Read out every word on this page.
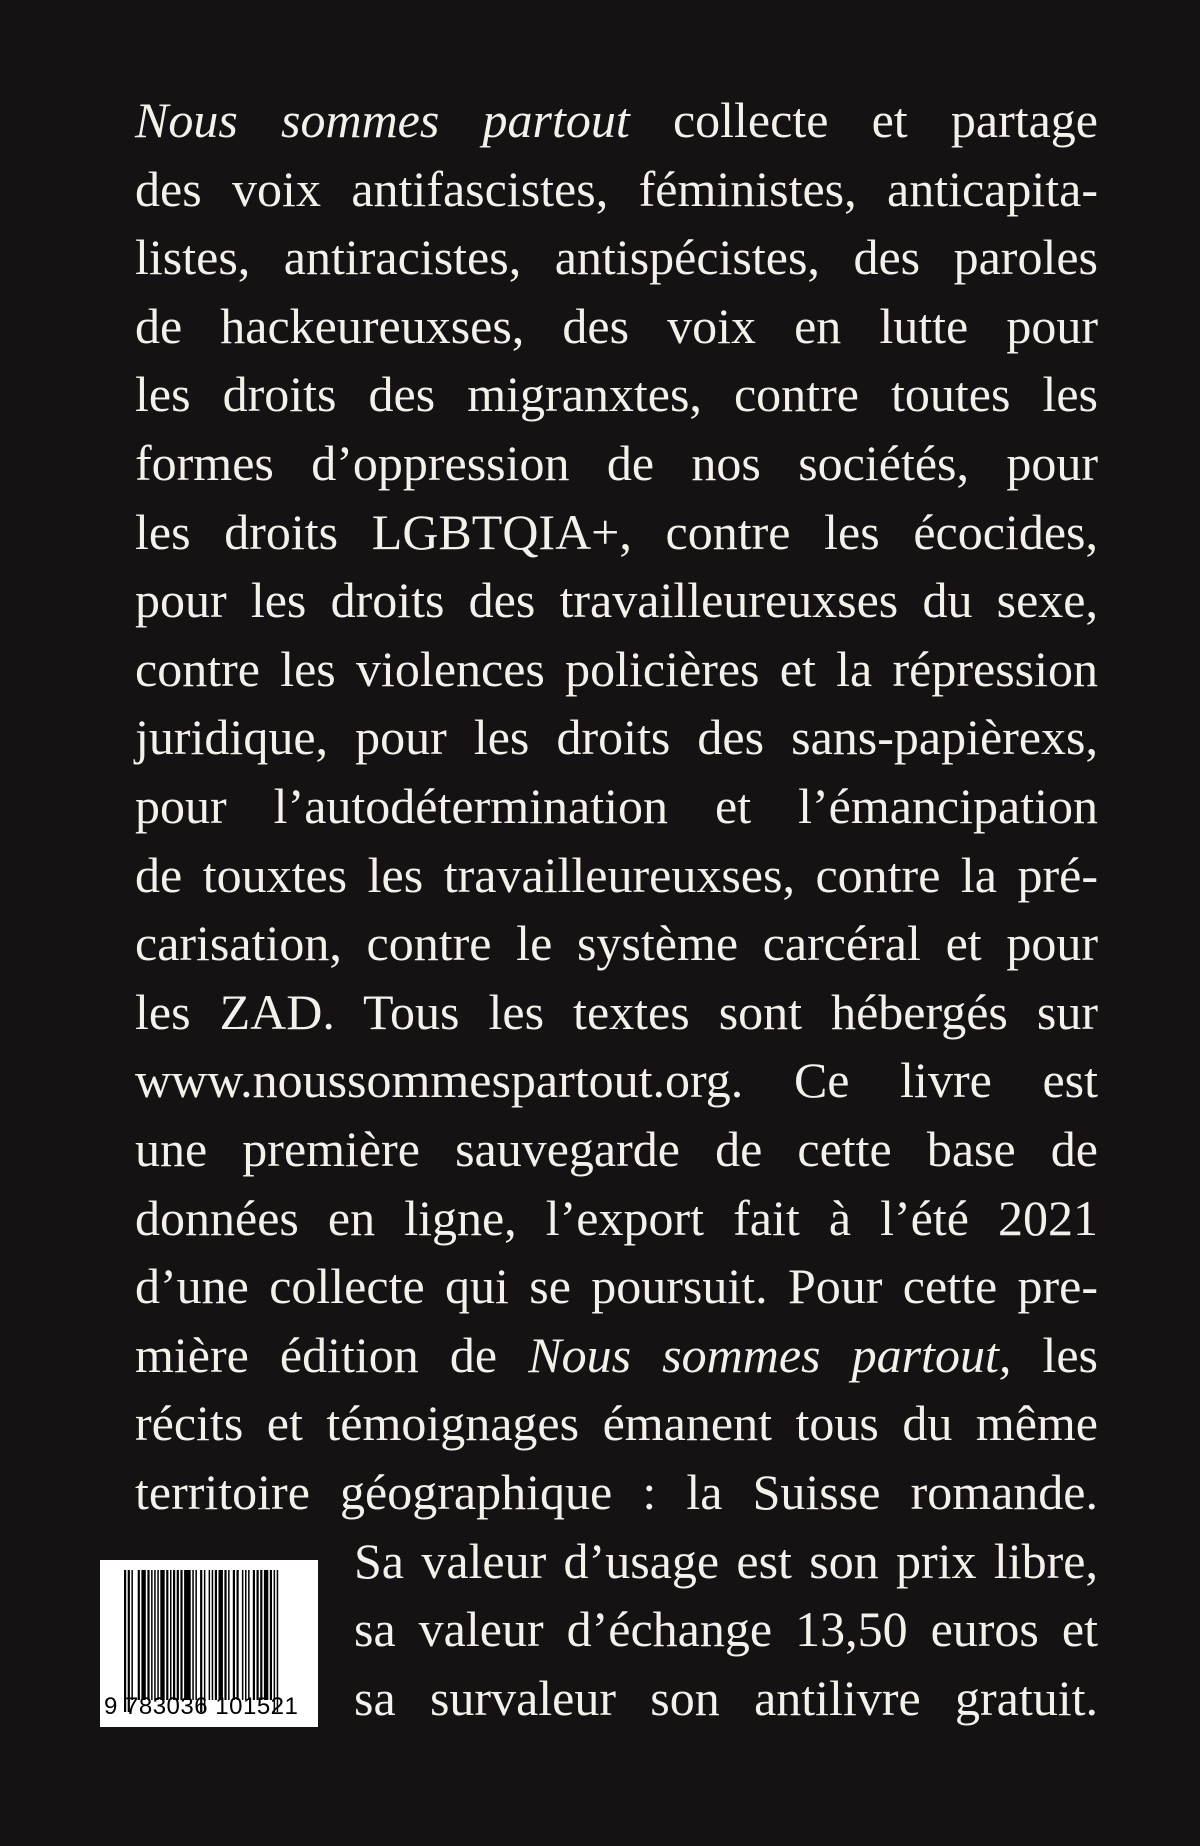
Nous sommes partout collecte et partage
des voix antifascistes, féministes, anticapita-
listes, antiracistes, antispécistes, des paroles
de hackeureuxses, des voix en lutte pour
les droits des migranxtes, contre toutes les
formes d’oppression de nos sociétés, pour
les droits LGBTQIA+, contre les écocides,
pour les droits des travailleureuxses du sexe,
contre les violences policières et la répression
juridique, pour les droits des sans-papièrexs,
pour l’autodétermination et l’émancipation
de touxtes les travailleureuxses, contre la pré-
carisation, contre le système carcéral et pour
les ZAD. Tous les textes sont hébergés sur
www.noussommespartout.org. Ce livre est
une première sauvegarde de cette base de
données en ligne, l’export fait à l’été 2021
d’une collecte qui se poursuit. Pour cette pre-
mière édition de Nous sommes partout, les
récits et témoignages émanent tous du même
territoire géographique : la Suisse romande.
Sa valeur d’usage est son prix libre,
sa valeur d’échange 13,50 euros et
sa survaleur son antilivre gratuit.
9 783036 101521
